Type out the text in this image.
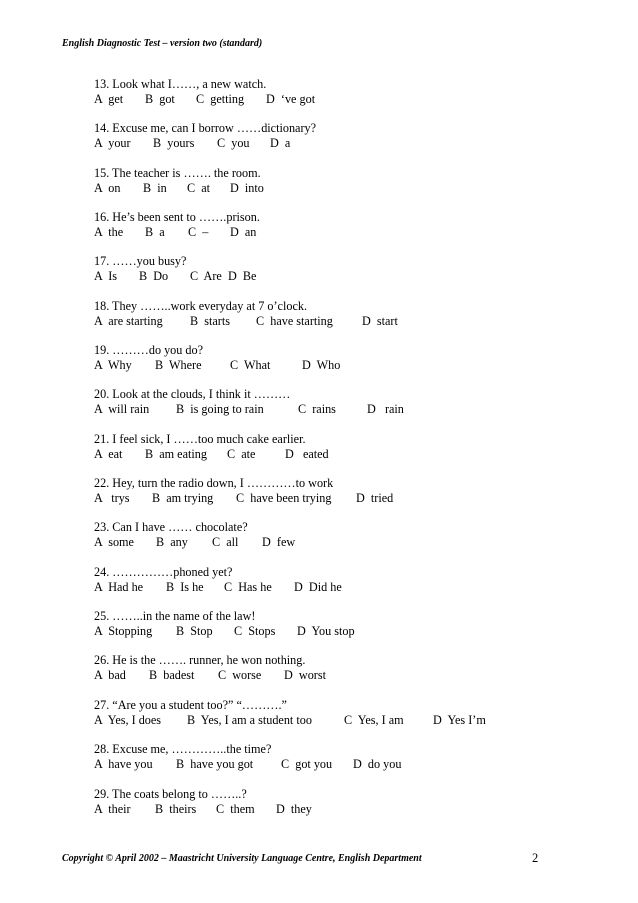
English Diagnostic Test – version two (standard)
13. Look what I……, a new watch.
A  get	B  got	C  getting	D  ‘ve got
14. Excuse me, can I borrow ……dictionary?
A  your	B  yours	C  you	D  a
15. The teacher is ……. the room.
A  on	B  in	C  at	D  into
16. He’s been sent to …….prison.
A  the	B  a	C  –	D  an
17. ……you busy?
A  Is	B  Do	C  Are D  Be
18. They ……..work everyday at 7 o’clock.
A  are starting	B  starts	C  have starting	D  start
19. ………do you do?
A  Why	B  Where	C  What	D  Who
20. Look at the clouds, I think it ………
A  will rain	B  is going to rain	C  rains	D   rain
21. I feel sick, I ……too much cake earlier.
A  eat	B  am eating	C  ate	D   eated
22. Hey, turn the radio down, I …………to work
A   trys	B  am trying	C  have been trying	D  tried
23. Can I have …… chocolate?
A  some	B  any	C  all	D  few
24. ……………phoned yet?
A  Had he	B  Is he	C  Has he	D  Did he
25. ……..in the name of the law!
A  Stopping	B  Stop	C  Stops	D  You stop
26. He is the ……. runner, he won nothing.
A  bad	B  badest	C  worse	D  worst
27. “Are you a student too?” “……….”
A  Yes, I does	B  Yes, I am a student too	C  Yes, I am	D  Yes I’m
28. Excuse me, …………..the time?
A  have you	B  have you got	C  got you	D  do you
29. The coats belong to ……..?
A  their	B  theirs	C  them	D  they
Copyright © April 2002 – Maastricht University Language Centre, English Department	2
